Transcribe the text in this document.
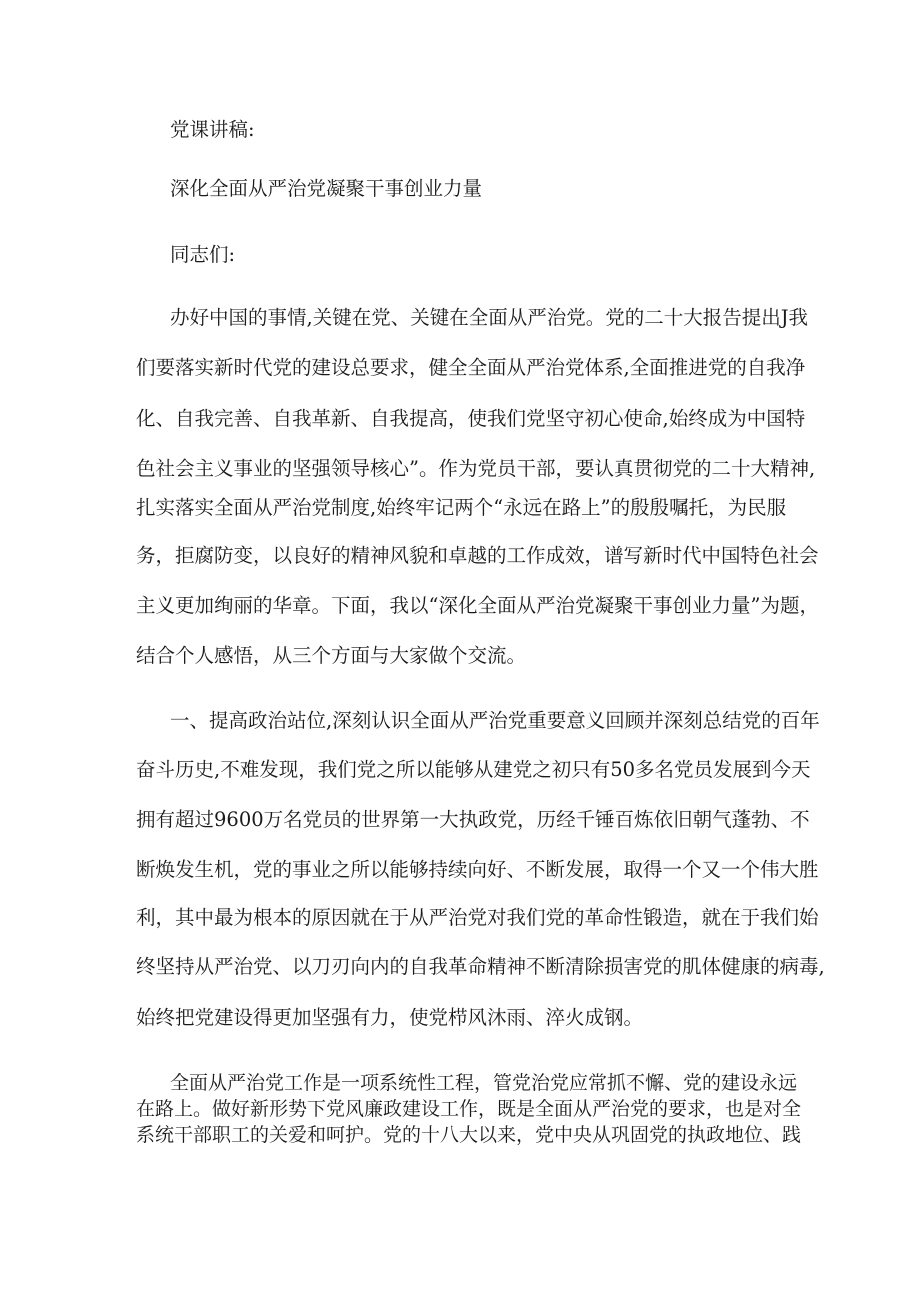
党课讲稿:
深化全面从严治党凝聚干事创业力量
同志们:
办好中国的事情,关键在党、关键在全面从严治党。党的二十大报告提出J我
们要落实新时代党的建设总要求，健全全面从严治党体系,全面推进党的自我净
化、自我完善、自我革新、自我提高，使我们党坚守初心使命,始终成为中国特
色社会主义事业的坚强领导核心”。作为党员干部，要认真贯彻党的二十大精神,
扎实落实全面从严治党制度,始终牢记两个“永远在路上”的殷殷嘱托，为民服
务，拒腐防变，以良好的精神风貌和卓越的工作成效，谱写新时代中国特色社会
主义更加绚丽的华章。下面，我以“深化全面从严治党凝聚干事创业力量”为题，
结合个人感悟，从三个方面与大家做个交流。
一、提高政治站位,深刻认识全面从严治党重要意义回顾并深刻总结党的百年
奋斗历史,不难发现，我们党之所以能够从建党之初只有50多名党员发展到今天
拥有超过9600万名党员的世界第一大执政党，历经千锤百炼依旧朝气蓬勃、不
断焕发生机，党的事业之所以能够持续向好、不断发展，取得一个又一个伟大胜
利，其中最为根本的原因就在于从严治党对我们党的革命性锻造，就在于我们始
终坚持从严治党、以刀刃向内的自我革命精神不断清除损害党的肌体健康的病毒,
始终把党建设得更加坚强有力，使党栉风沐雨、淬火成钢。
全面从严治党工作是一项系统性工程，管党治党应常抓不懈、党的建设永远
在路上。做好新形势下党风廉政建设工作，既是全面从严治党的要求，也是对全
系统干部职工的关爱和呵护。党的十八大以来，党中央从巩固党的执政地位、践
